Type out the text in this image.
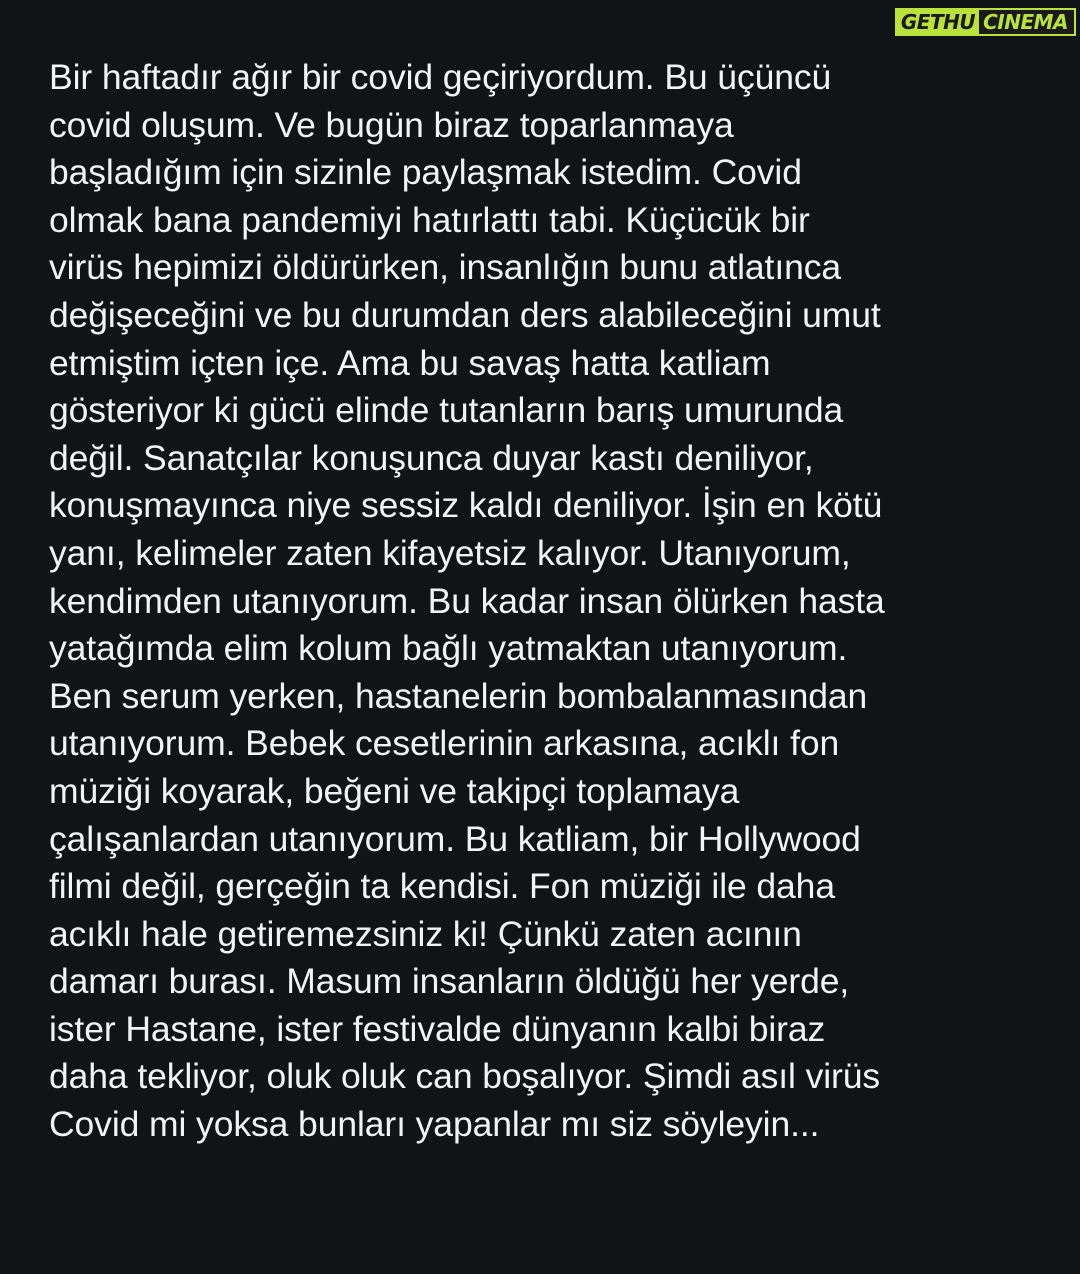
GETHU CINEMA
Bir haftadır ağır bir covid geçiriyordum. Bu üçüncü
covid oluşum. Ve bugün biraz toparlanmaya
başladığım için sizinle paylaşmak istedim. Covid
olmak bana pandemiyi hatırlattı tabi. Küçücük bir
virüs hepimizi öldürürken, insanlığın bunu atlatınca
değişeceğini ve bu durumdan ders alabileceğini umut
etmiştim içten içe. Ama bu savaş hatta katliam
gösteriyor ki gücü elinde tutanların barış umurunda
değil. Sanatçılar konuşunca duyar kastı deniliyor,
konuşmayınca niye sessiz kaldı deniliyor. İşin en kötü
yanı, kelimeler zaten kifayetsiz kalıyor. Utanıyorum,
kendimden utanıyorum. Bu kadar insan ölürken hasta
yatağımda elim kolum bağlı yatmaktan utanıyorum.
Ben serum yerken, hastanelerin bombalanmasından
utanıyorum. Bebek cesetlerinin arkasına, acıklı fon
müziği koyarak, beğeni ve takipçi toplamaya
çalışanlardan utanıyorum. Bu katliam, bir Hollywood
filmi değil, gerçeğin ta kendisi. Fon müziği ile daha
acıklı hale getiremezsiniz ki! Çünkü zaten acının
damarı burası. Masum insanların öldüğü her yerde,
ister Hastane, ister festivalde dünyanın kalbi biraz
daha tekliyor, oluk oluk can boşalıyor. Şimdi asıl virüs
Covid mi yoksa bunları yapanlar mı siz söyleyin...
